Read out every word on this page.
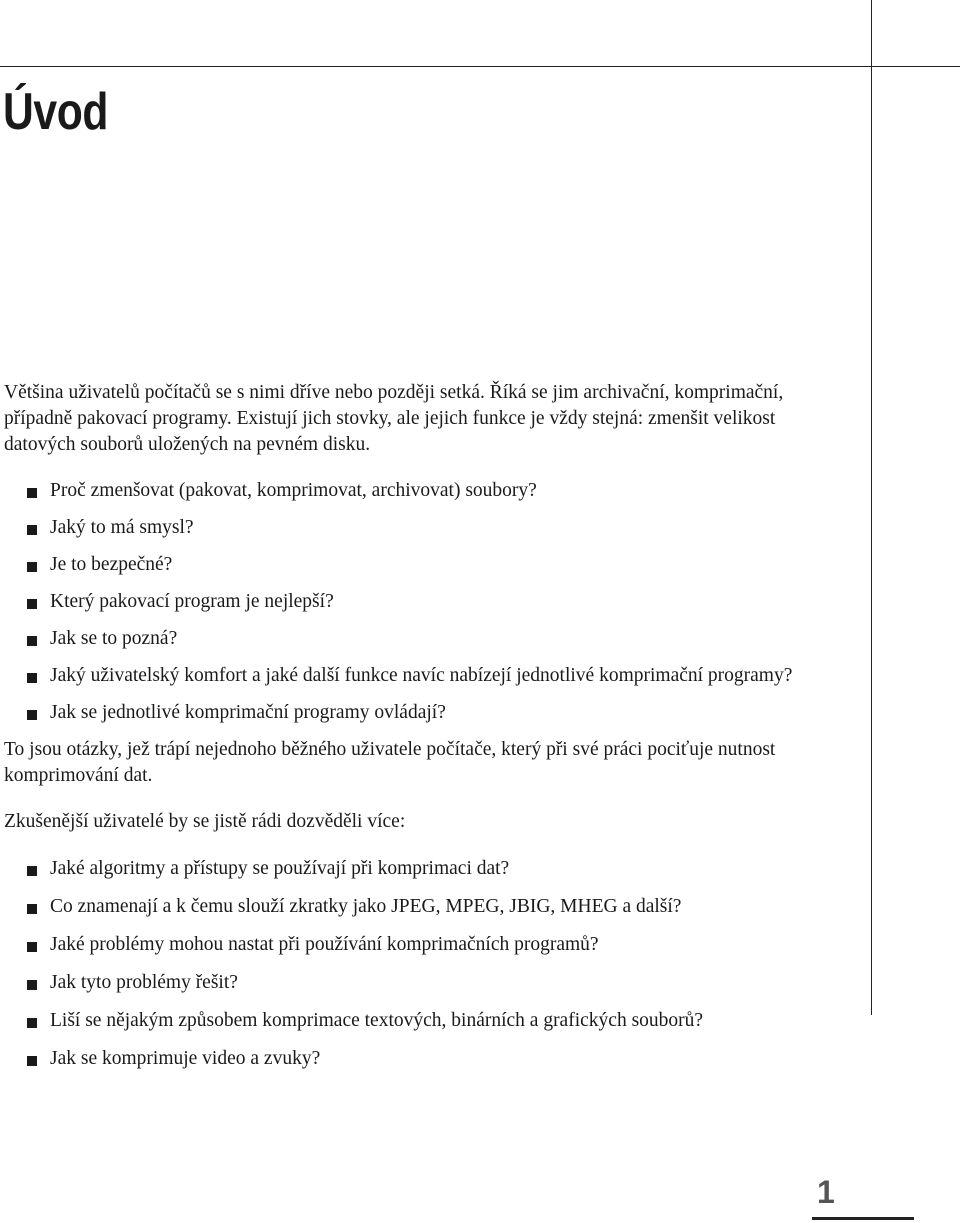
Úvod

Většina uživatelů počítačů se s nimi dříve nebo později setká. Říká se jim archivační, komprimační, případně pakovací programy. Existují jich stovky, ale jejich funkce je vždy stejná: zmenšit velikost datových souborů uložených na pevném disku.

Proč zmenšovat (pakovat, komprimovat, archivovat) soubory?
Jaký to má smysl?
Je to bezpečné?
Který pakovací program je nejlepší?
Jak se to pozná?
Jaký uživatelský komfort a jaké další funkce navíc nabízejí jednotlivé komprimační programy?
Jak se jednotlivé komprimační programy ovládají?

To jsou otázky, jež trápí nejednoho běžného uživatele počítače, který při své práci pociťuje nutnost komprimování dat.

Zkušenější uživatelé by se jistě rádi dozvěděli více:

Jaké algoritmy a přístupy se používají při komprimaci dat?
Co znamenají a k čemu slouží zkratky jako JPEG, MPEG, JBIG, MHEG a další?
Jaké problémy mohou nastat při používání komprimačních programů?
Jak tyto problémy řešit?
Liší se nějakým způsobem komprimace textových, binárních a grafických souborů?
Jak se komprimuje video a zvuky?
1
